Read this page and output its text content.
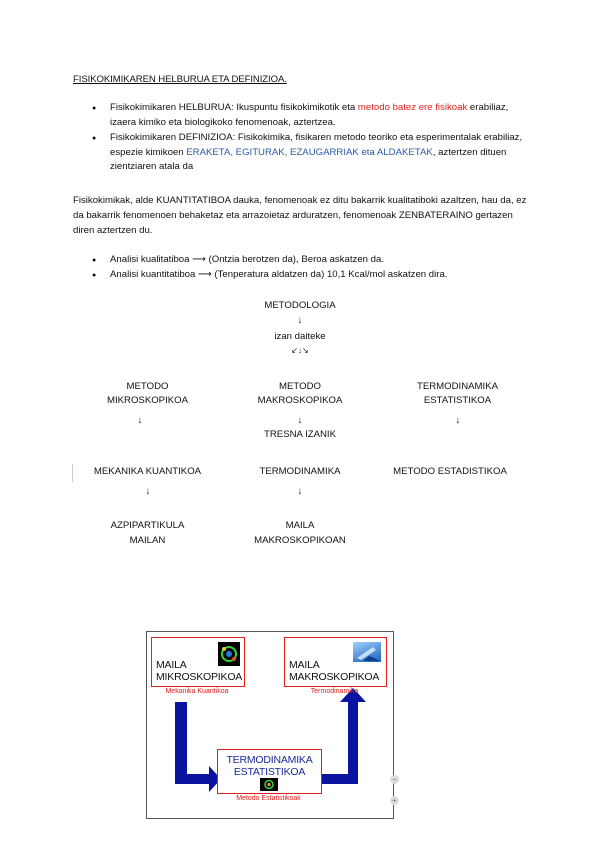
FISIKOKIMIKAREN HELBURUA ETA DEFINIZIOA.
● Fisikokimikaren HELBURUA: Ikuspuntu fisikokimikotik eta metodo batez ere fisikoak erabiliaz, izaera kimiko eta biologikoko fenomenoak, aztertzea.
● Fisikokimikaren DEFINIZIOA: Fisikokimika, fisikaren metodo teoriko eta esperimentalak erabiliaz, espezie kimikoen ERAKETA, EGITURAK, EZAUGARRIAK eta ALDAKETAK, aztertzen dituen zientziaren atala da
Fisikokimikak, alde KUANTITATIBOA dauka, fenomenoak ez ditu bakarrik kualitatiboki azaltzen, hau da, ez da bakarrik fenomenoen behaketaz eta arrazoietaz arduratzen, fenomenoak ZENBATERAINO gertazen diren aztertzen du.
● Analisi kualitatiboa ⟶ (Ontzia berotzen da), Beroa askatzen da.
● Analisi kuantitatiboa ⟶ (Tenperatura aldatzen da) 10,1 Kcal/mol askatzen dira.
METODOLOGIA
↓
izan daiteke
↙↓↘
METODO
MIKROSKOPIKOA
METODO
MAKROSKOPIKOA
TERMODINAMIKA
ESTATISTIKOA
↓	↓	↓
TRESNA IZANIK
MEKANIKA KUANTIKOA	TERMODINAMIKA	METODO ESTADISTIKOA
↓	↓
AZPIPARTIKULA
MAILAN
MAILA
MAKROSKOPIKOAN
MAILA
MIKROSKOPIKOA
Mekanika Kuantikoa
MAILA
MAKROSKOPIKOA
Termodinamika
TERMODINAMIKA
ESTATISTIKOA
Metodo Estatistikoak
−
+
